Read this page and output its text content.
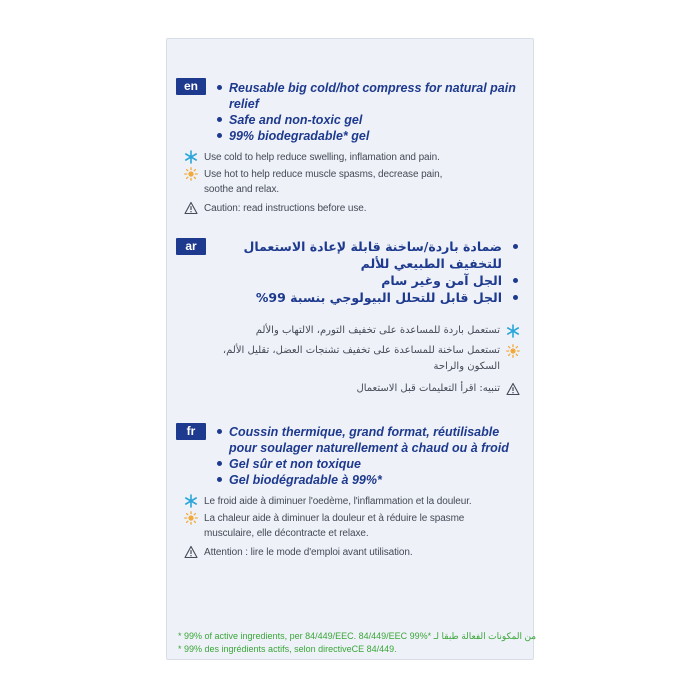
en	Reusable big cold/hot compress for natural pain relief
Safe and non-toxic gel
99% biodegradable* gel
Use cold to help reduce swelling, inflamation and pain.
Use hot to help reduce muscle spasms, decrease pain, soothe and relax.
Caution: read instructions before use.
ar	ضمادة باردة/ساخنة قابلة لإعادة الاستعمال للتخفيف الطبيعي للألم
الجل آمن وغير سام
الجل قابل للتحلل البيولوجي بنسبة 99%
تستعمل باردة للمساعدة على تخفيف التورم، الالتهاب والألم
تستعمل ساخنة للمساعدة على تخفيف تشنجات العضل، تقليل الألم، السكون والراحة
تنبيه: اقرأ التعليمات قبل الاستعمال
fr	Coussin thermique, grand format, réutilisable pour soulager naturellement à chaud ou à froid
Gel sûr et non toxique
Gel biodégradable à 99%*
Le froid aide à diminuer l'oedème, l'inflammation et la douleur.
La chaleur aide à diminuer la douleur et à réduire le spasme musculaire, elle décontracte et relaxe.
Attention : lire le mode d'emploi avant utilisation.
* 99% of active ingredients, per 84/449/EEC. 84/449/EEC 99%* من المكونات الفعالة طبقا لـ
* 99% des ingrédients actifs, selon directiveCE 84/449.
